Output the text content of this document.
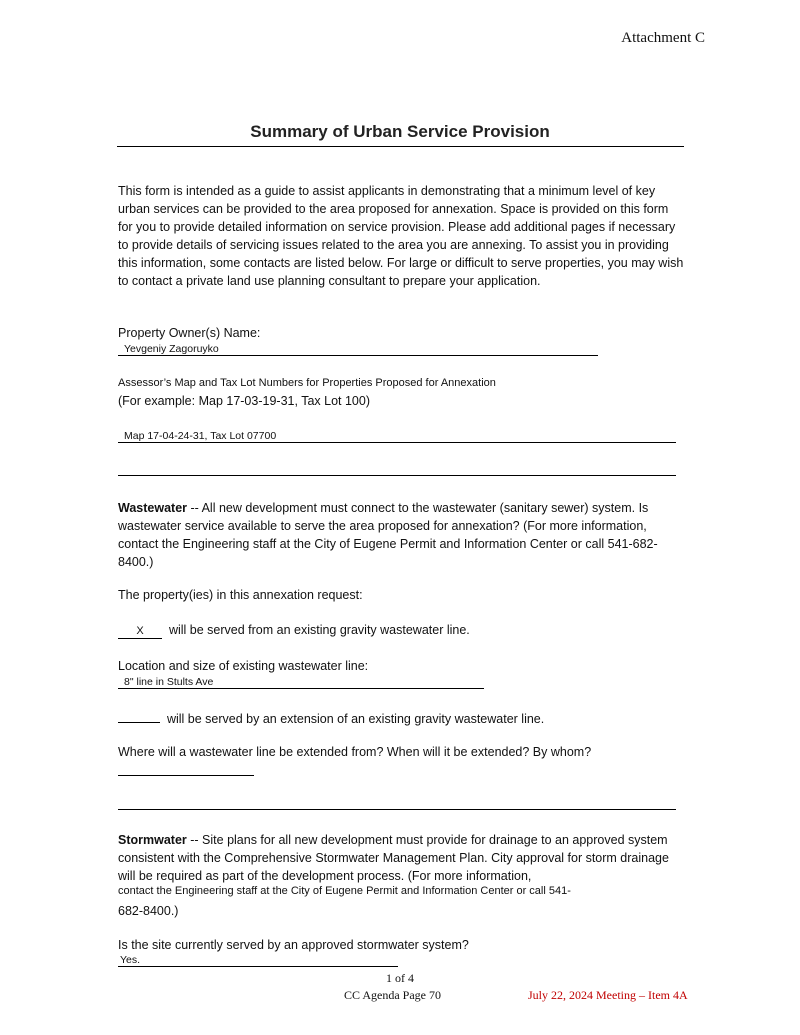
Attachment C
Summary of Urban Service Provision
This form is intended as a guide to assist applicants in demonstrating that a minimum level of key urban services can be provided to the area proposed for annexation. Space is provided on this form for you to provide detailed information on service provision. Please add additional pages if necessary to provide details of servicing issues related to the area you are annexing. To assist you in providing this information, some contacts are listed below. For large or difficult to serve properties, you may wish to contact a private land use planning consultant to prepare your application.
Property Owner(s) Name:
Yevgeniy Zagoruyko
Assessor’s Map and Tax Lot Numbers for Properties Proposed for Annexation
(For example: Map 17-03-19-31, Tax Lot 100)
Map 17-04-24-31, Tax Lot 07700
Wastewater -- All new development must connect to the wastewater (sanitary sewer) system. Is wastewater service available to serve the area proposed for annexation? (For more information, contact the Engineering staff at the City of Eugene Permit and Information Center or call 541-682-8400.)
The property(ies) in this annexation request:
X will be served from an existing gravity wastewater line.
Location and size of existing wastewater line:
8" line in Stults Ave
will be served by an extension of an existing gravity wastewater line.
Where will a wastewater line be extended from? When will it be extended? By whom?
Stormwater -- Site plans for all new development must provide for drainage to an approved system consistent with the Comprehensive Stormwater Management Plan. City approval for storm drainage will be required as part of the development process. (For more information,
contact the Engineering staff at the City of Eugene Permit and Information Center or call 541-
682-8400.)
Is the site currently served by an approved stormwater system?
Yes.
1 of 4
CC Agenda Page 70	July 22, 2024 Meeting – Item 4A
